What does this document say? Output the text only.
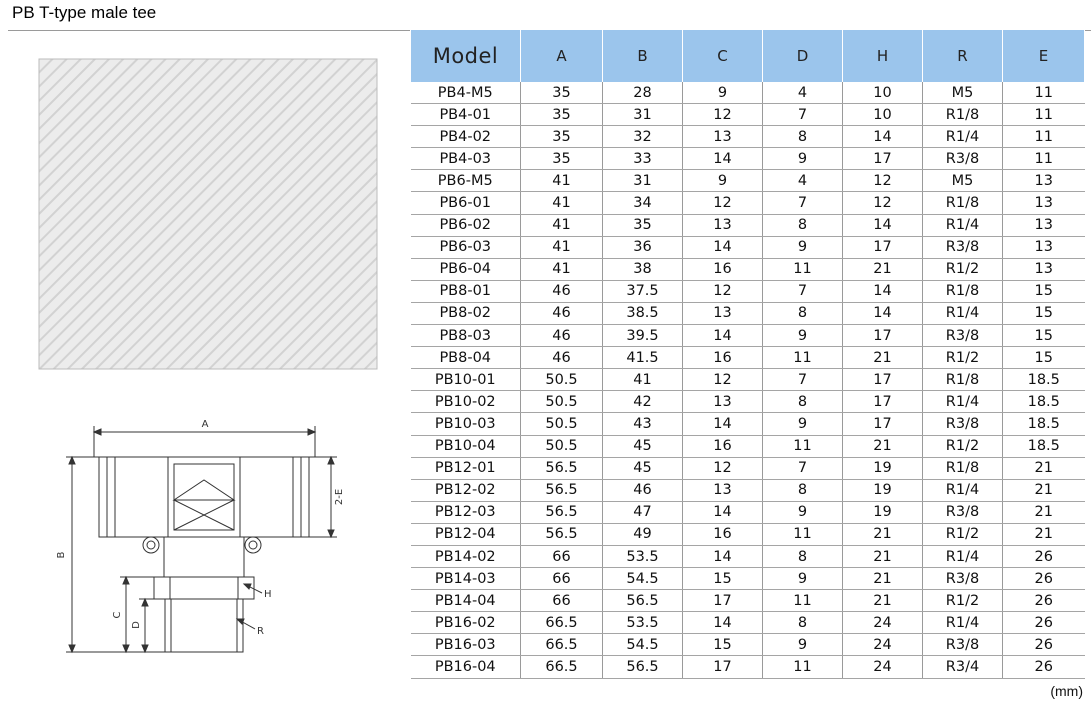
PB T-type male tee
A
2-E
B
C
D
H
R
Model	A	B	C	D	H	R	E
PB4-M5	35	28	9	4	10	M5	11
PB4-01	35	31	12	7	10	R1/8	11
PB4-02	35	32	13	8	14	R1/4	11
PB4-03	35	33	14	9	17	R3/8	11
PB6-M5	41	31	9	4	12	M5	13
PB6-01	41	34	12	7	12	R1/8	13
PB6-02	41	35	13	8	14	R1/4	13
PB6-03	41	36	14	9	17	R3/8	13
PB6-04	41	38	16	11	21	R1/2	13
PB8-01	46	37.5	12	7	14	R1/8	15
PB8-02	46	38.5	13	8	14	R1/4	15
PB8-03	46	39.5	14	9	17	R3/8	15
PB8-04	46	41.5	16	11	21	R1/2	15
PB10-01	50.5	41	12	7	17	R1/8	18.5
PB10-02	50.5	42	13	8	17	R1/4	18.5
PB10-03	50.5	43	14	9	17	R3/8	18.5
PB10-04	50.5	45	16	11	21	R1/2	18.5
PB12-01	56.5	45	12	7	19	R1/8	21
PB12-02	56.5	46	13	8	19	R1/4	21
PB12-03	56.5	47	14	9	19	R3/8	21
PB12-04	56.5	49	16	11	21	R1/2	21
PB14-02	66	53.5	14	8	21	R1/4	26
PB14-03	66	54.5	15	9	21	R3/8	26
PB14-04	66	56.5	17	11	21	R1/2	26
PB16-02	66.5	53.5	14	8	24	R1/4	26
PB16-03	66.5	54.5	15	9	24	R3/8	26
PB16-04	66.5	56.5	17	11	24	R3/4	26
(mm)
